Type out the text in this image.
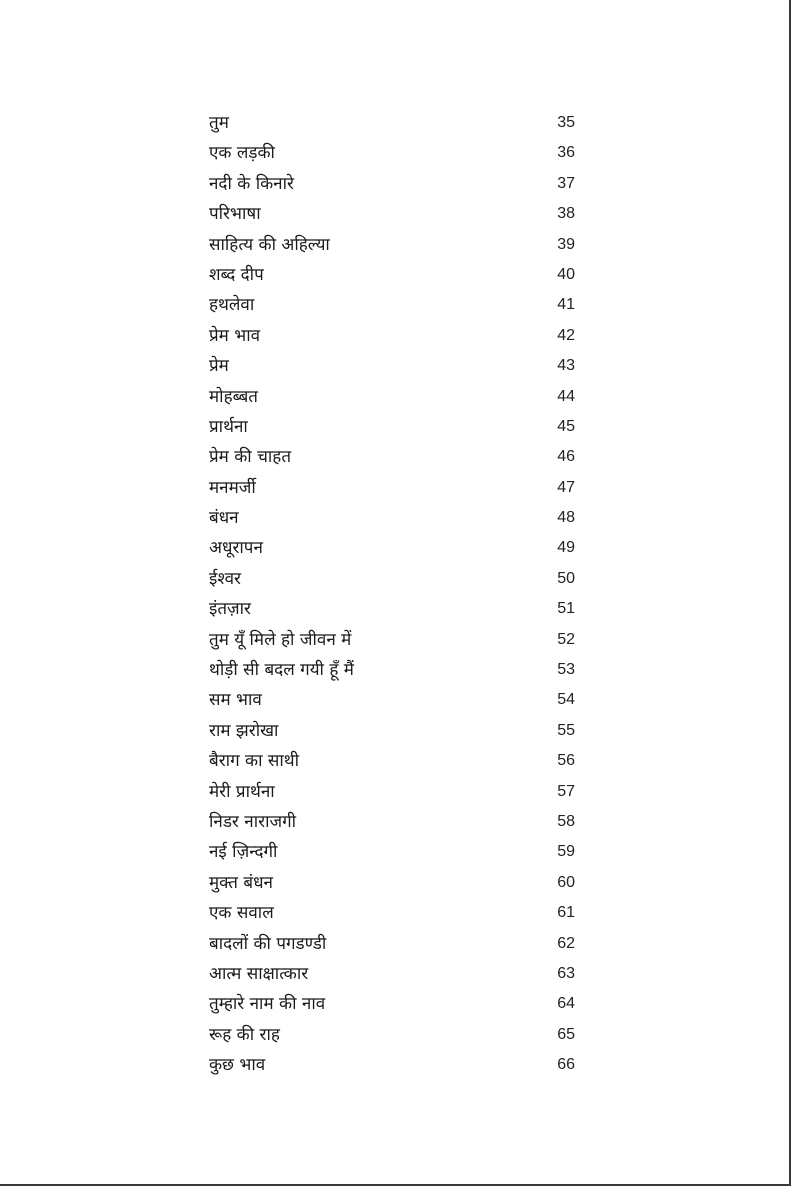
तुम	35
एक लड़की	36
नदी के किनारे	37
परिभाषा	38
साहित्य की अहिल्या	39
शब्द दीप	40
हथलेवा	41
प्रेम भाव	42
प्रेम	43
मोहब्बत	44
प्रार्थना	45
प्रेम की चाहत	46
मनमर्जी	47
बंधन	48
अधूरापन	49
ईश्वर	50
इंतज़ार	51
तुम यूँ मिले हो जीवन में	52
थोड़ी सी बदल गयी हूँ मैं	53
सम भाव	54
राम झरोखा	55
बैराग का साथी	56
मेरी प्रार्थना	57
निडर नाराजगी	58
नई ज़िन्दगी	59
मुक्त बंधन	60
एक सवाल	61
बादलों की पगडण्डी	62
आत्म साक्षात्कार	63
तुम्हारे नाम की नाव	64
रूह की राह	65
कुछ भाव	66
